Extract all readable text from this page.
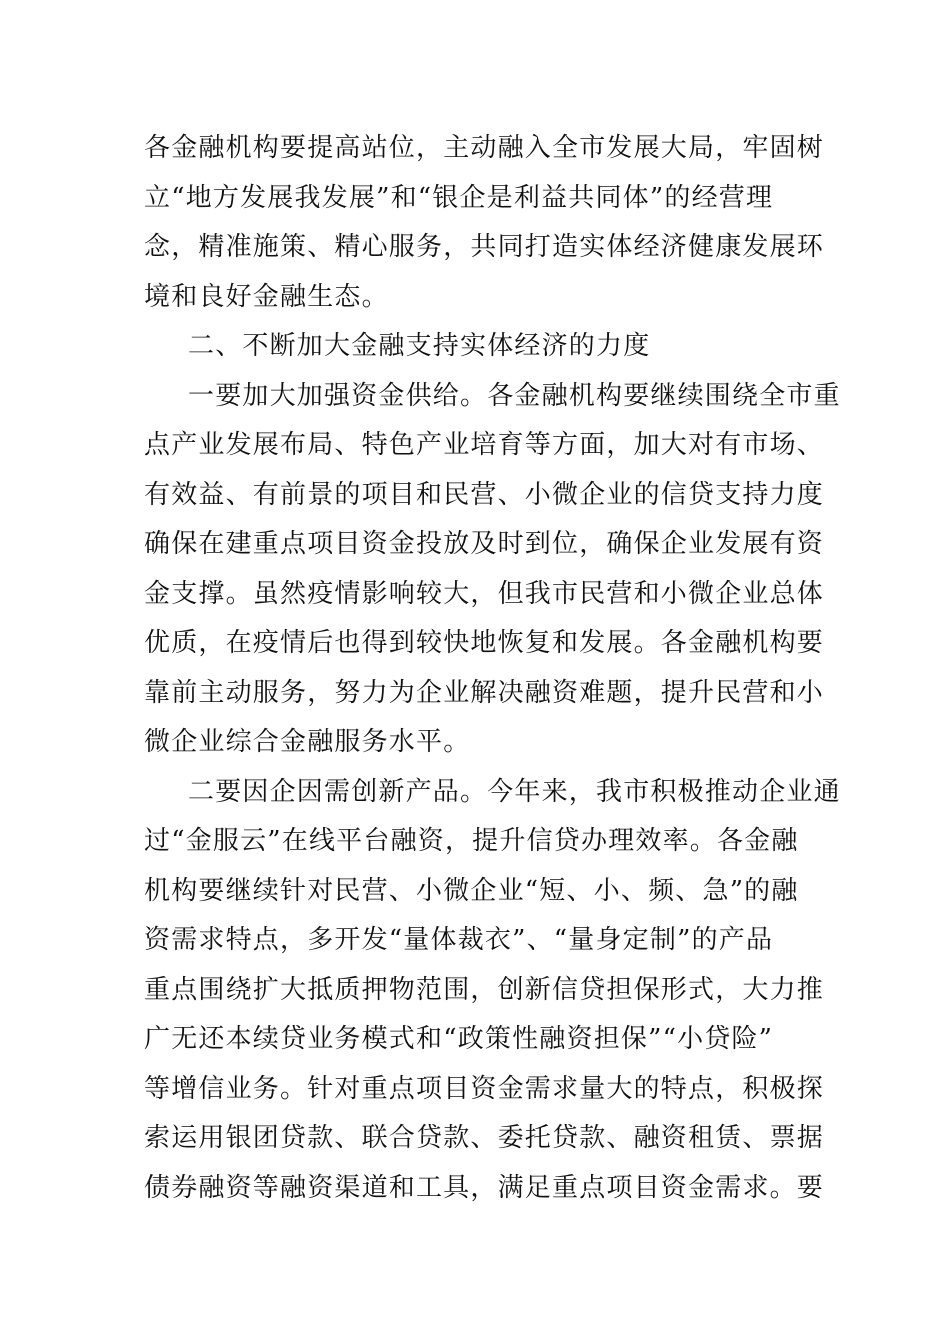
各金融机构要提高站位，主动融入全市发展大局，牢固树
立“地方发展我发展”和“银企是利益共同体”的经营理
念，精准施策、精心服务，共同打造实体经济健康发展环
境和良好金融生态。
二、不断加大金融支持实体经济的力度
一要加大加强资金供给。各金融机构要继续围绕全市重
点产业发展布局、特色产业培育等方面，加大对有市场、
有效益、有前景的项目和民营、小微企业的信贷支持力度
确保在建重点项目资金投放及时到位，确保企业发展有资
金支撑。虽然疫情影响较大，但我市民营和小微企业总体
优质，在疫情后也得到较快地恢复和发展。各金融机构要
靠前主动服务，努力为企业解决融资难题，提升民营和小
微企业综合金融服务水平。
二要因企因需创新产品。今年来，我市积极推动企业通
过“金服云”在线平台融资，提升信贷办理效率。各金融
机构要继续针对民营、小微企业“短、小、频、急”的融
资需求特点，多开发“量体裁衣”、“量身定制”的产品
重点围绕扩大抵质押物范围，创新信贷担保形式，大力推
广无还本续贷业务模式和“政策性融资担保”“小贷险”
等增信业务。针对重点项目资金需求量大的特点，积极探
索运用银团贷款、联合贷款、委托贷款、融资租赁、票据
债券融资等融资渠道和工具，满足重点项目资金需求。要
